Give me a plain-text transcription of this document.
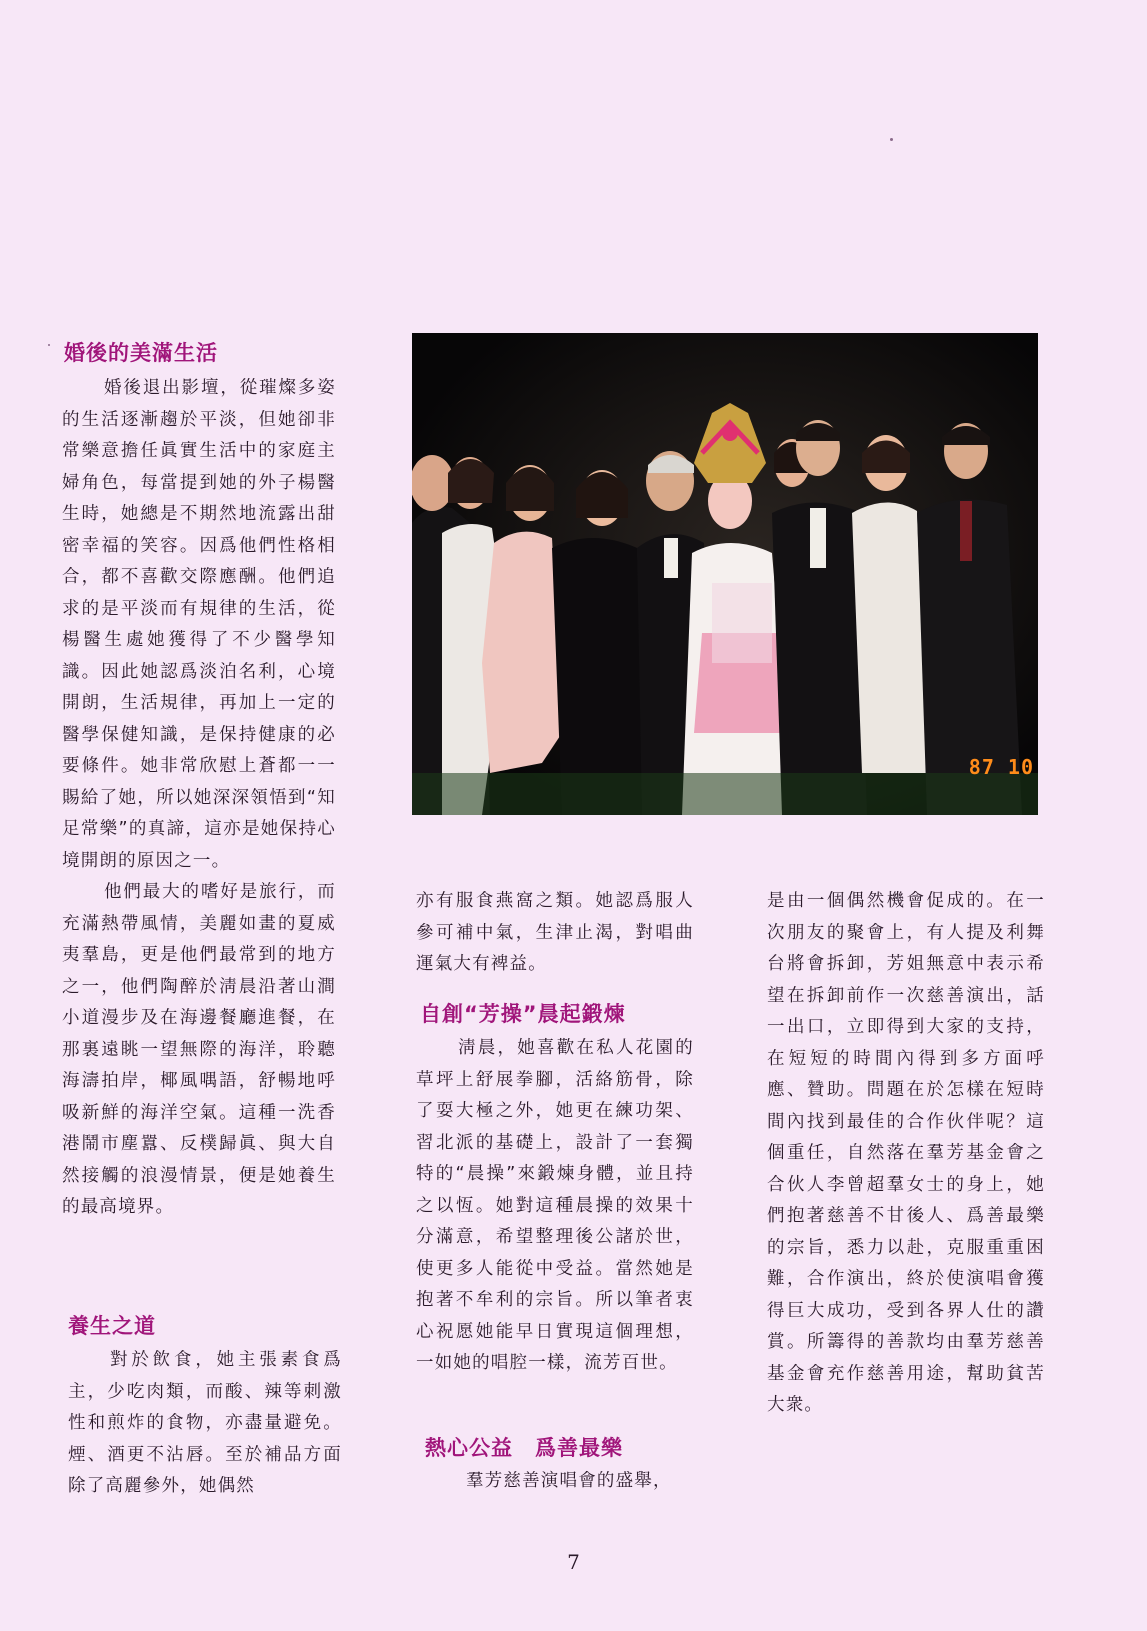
婚後的美滿生活

婚後退出影壇，從璀燦多姿的生活逐漸趨於平淡，但她卻非常樂意擔任眞實生活中的家庭主婦角色，每當提到她的外子楊醫生時，她總是不期然地流露出甜密幸福的笑容。因爲他們性格相合，都不喜歡交際應酬。他們追求的是平淡而有規律的生活，從楊醫生處她獲得了不少醫學知識。因此她認爲淡泊名利，心境開朗，生活規律，再加上一定的醫學保健知識，是保持健康的必要條件。她非常欣慰上蒼都一一賜給了她，所以她深深領悟到“知足常樂”的真諦，這亦是她保持心境開朗的原因之一。

他們最大的嗜好是旅行，而充滿熱帶風情，美麗如畫的夏威夷羣島，更是他們最常到的地方之一，他們陶醉於淸晨沿著山澗小道漫步及在海邊餐廳進餐，在那裏遠眺一望無際的海洋，聆聽海濤拍岸，椰風喁語，舒暢地呼吸新鮮的海洋空氣。這種一洗香港鬧市塵囂、反樸歸眞、與大自然接觸的浪漫情景，便是她養生的最高境界。

養生之道

對於飲食，她主張素食爲主，少吃肉類，而酸、辣等刺激性和煎炸的食物，亦盡量避免。煙、酒更不沾唇。至於補品方面除了高麗參外，她偶然

87 10

亦有服食燕窩之類。她認爲服人參可補中氣，生津止渴，對唱曲運氣大有裨益。

自創“芳操”晨起鍛煉

淸晨，她喜歡在私人花園的草坪上舒展拳腳，活絡筋骨，除了耍大極之外，她更在練功架、習北派的基礎上，設計了一套獨特的“晨操”來鍛煉身體，並且持之以恆。她對這種晨操的效果十分滿意，希望整理後公諸於世，使更多人能從中受益。當然她是抱著不牟利的宗旨。所以筆者衷心祝愿她能早日實現這個理想，一如她的唱腔一樣，流芳百世。

熱心公益　爲善最樂

羣芳慈善演唱會的盛舉，

是由一個偶然機會促成的。在一次朋友的聚會上，有人提及利舞台將會拆卸，芳姐無意中表示希望在拆卸前作一次慈善演出，話一出口，立即得到大家的支持，在短短的時間內得到多方面呼應、贊助。問題在於怎樣在短時間內找到最佳的合作伙伴呢？這個重任，自然落在羣芳基金會之合伙人李曾超羣女士的身上，她們抱著慈善不甘後人、爲善最樂的宗旨，悉力以赴，克服重重困難，合作演出，終於使演唱會獲得巨大成功，受到各界人仕的讚賞。所籌得的善款均由羣芳慈善基金會充作慈善用途，幫助貧苦大衆。

7
